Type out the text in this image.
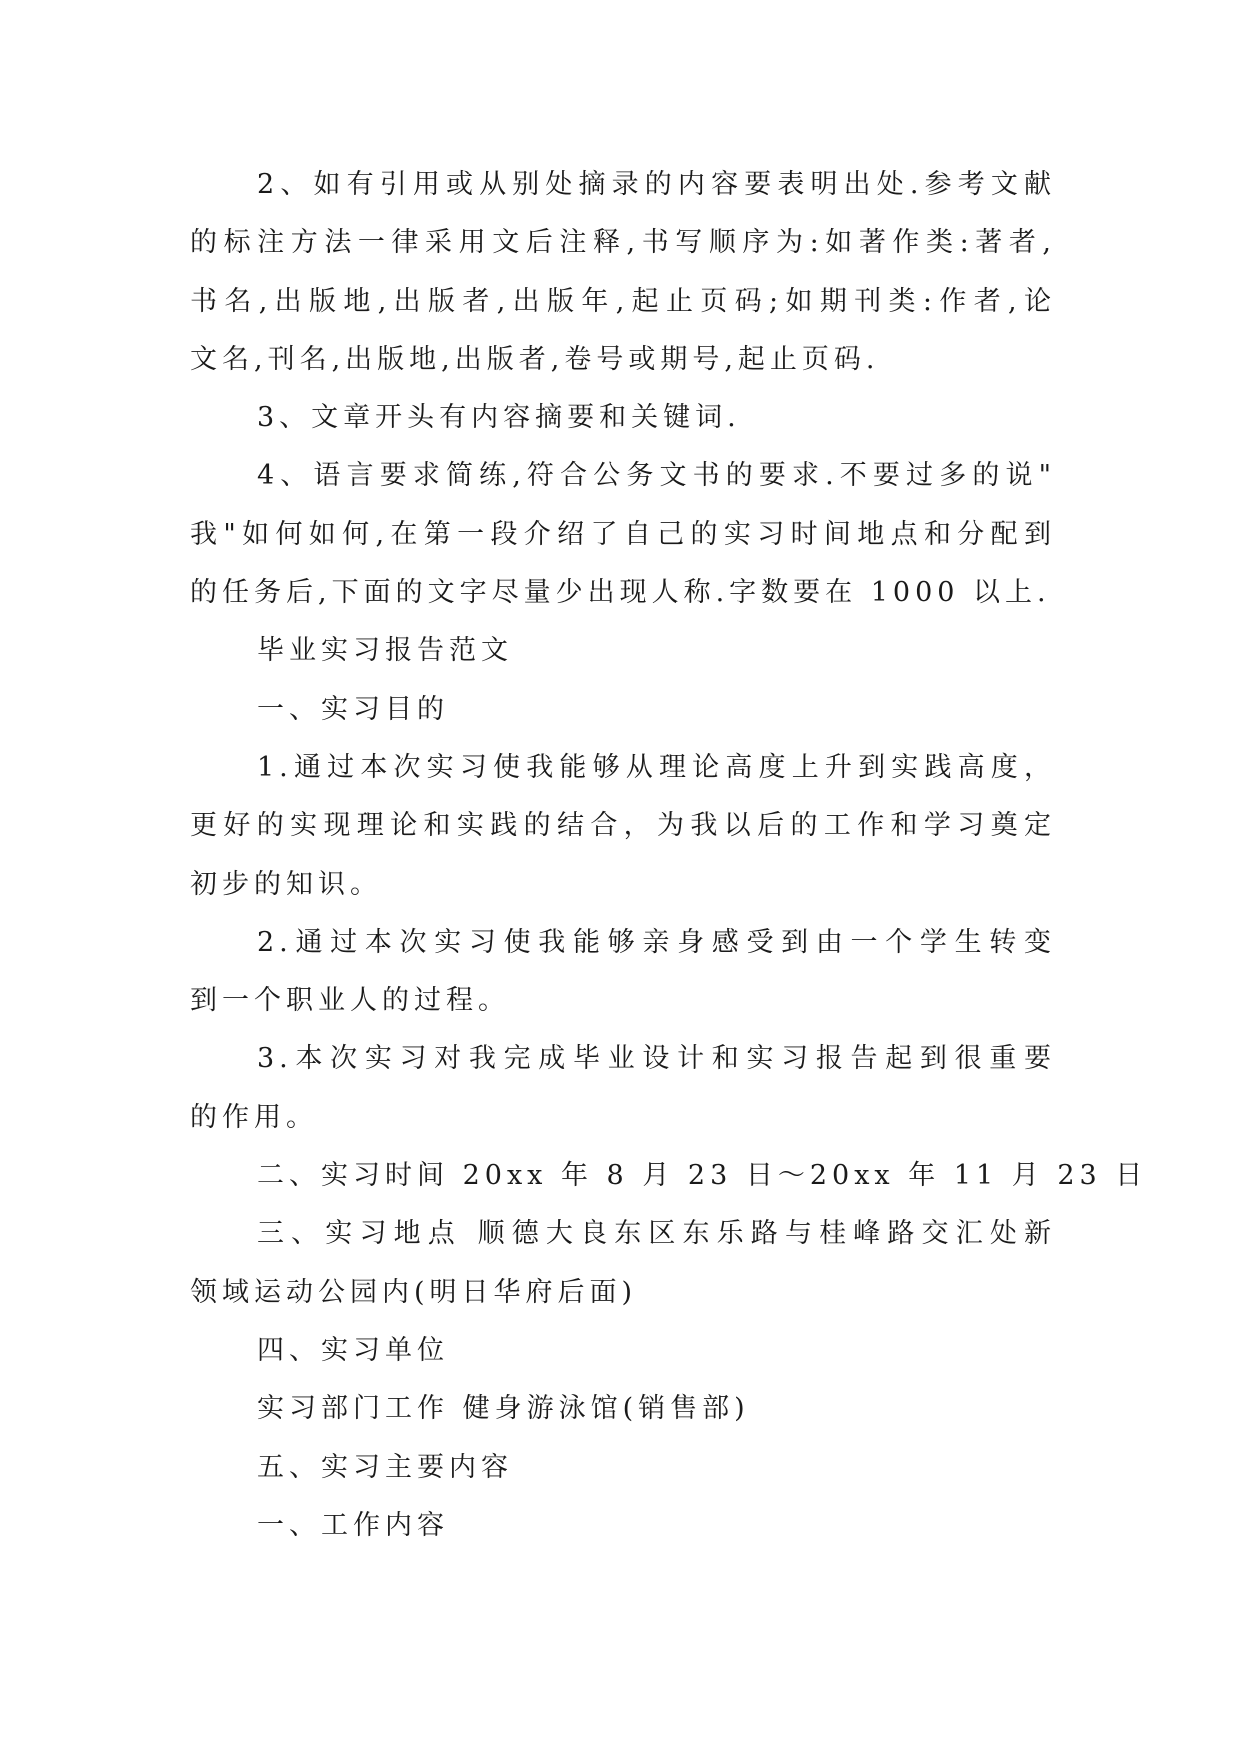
2、如有引用或从别处摘录的内容要表明出处.参考文献
的标注方法一律采用文后注释,书写顺序为:如著作类:著者,
书名,出版地,出版者,出版年,起止页码;如期刊类:作者,论
文名,刊名,出版地,出版者,卷号或期号,起止页码.
3、文章开头有内容摘要和关键词.
4、语言要求简练,符合公务文书的要求.不要过多的说"
我"如何如何,在第一段介绍了自己的实习时间地点和分配到
的任务后,下面的文字尽量少出现人称.字数要在 1000 以上.
毕业实习报告范文
一、实习目的
1.通过本次实习使我能够从理论高度上升到实践高度，
更好的实现理论和实践的结合，为我以后的工作和学习奠定
初步的知识。
2.通过本次实习使我能够亲身感受到由一个学生转变
到一个职业人的过程。
3.本次实习对我完成毕业设计和实习报告起到很重要
的作用。
二、实习时间 20xx 年 8 月 23 日～20xx 年 11 月 23 日
三、实习地点 顺德大良东区东乐路与桂峰路交汇处新
领域运动公园内(明日华府后面)
四、实习单位
实习部门工作 健身游泳馆(销售部)
五、实习主要内容
一、工作内容
